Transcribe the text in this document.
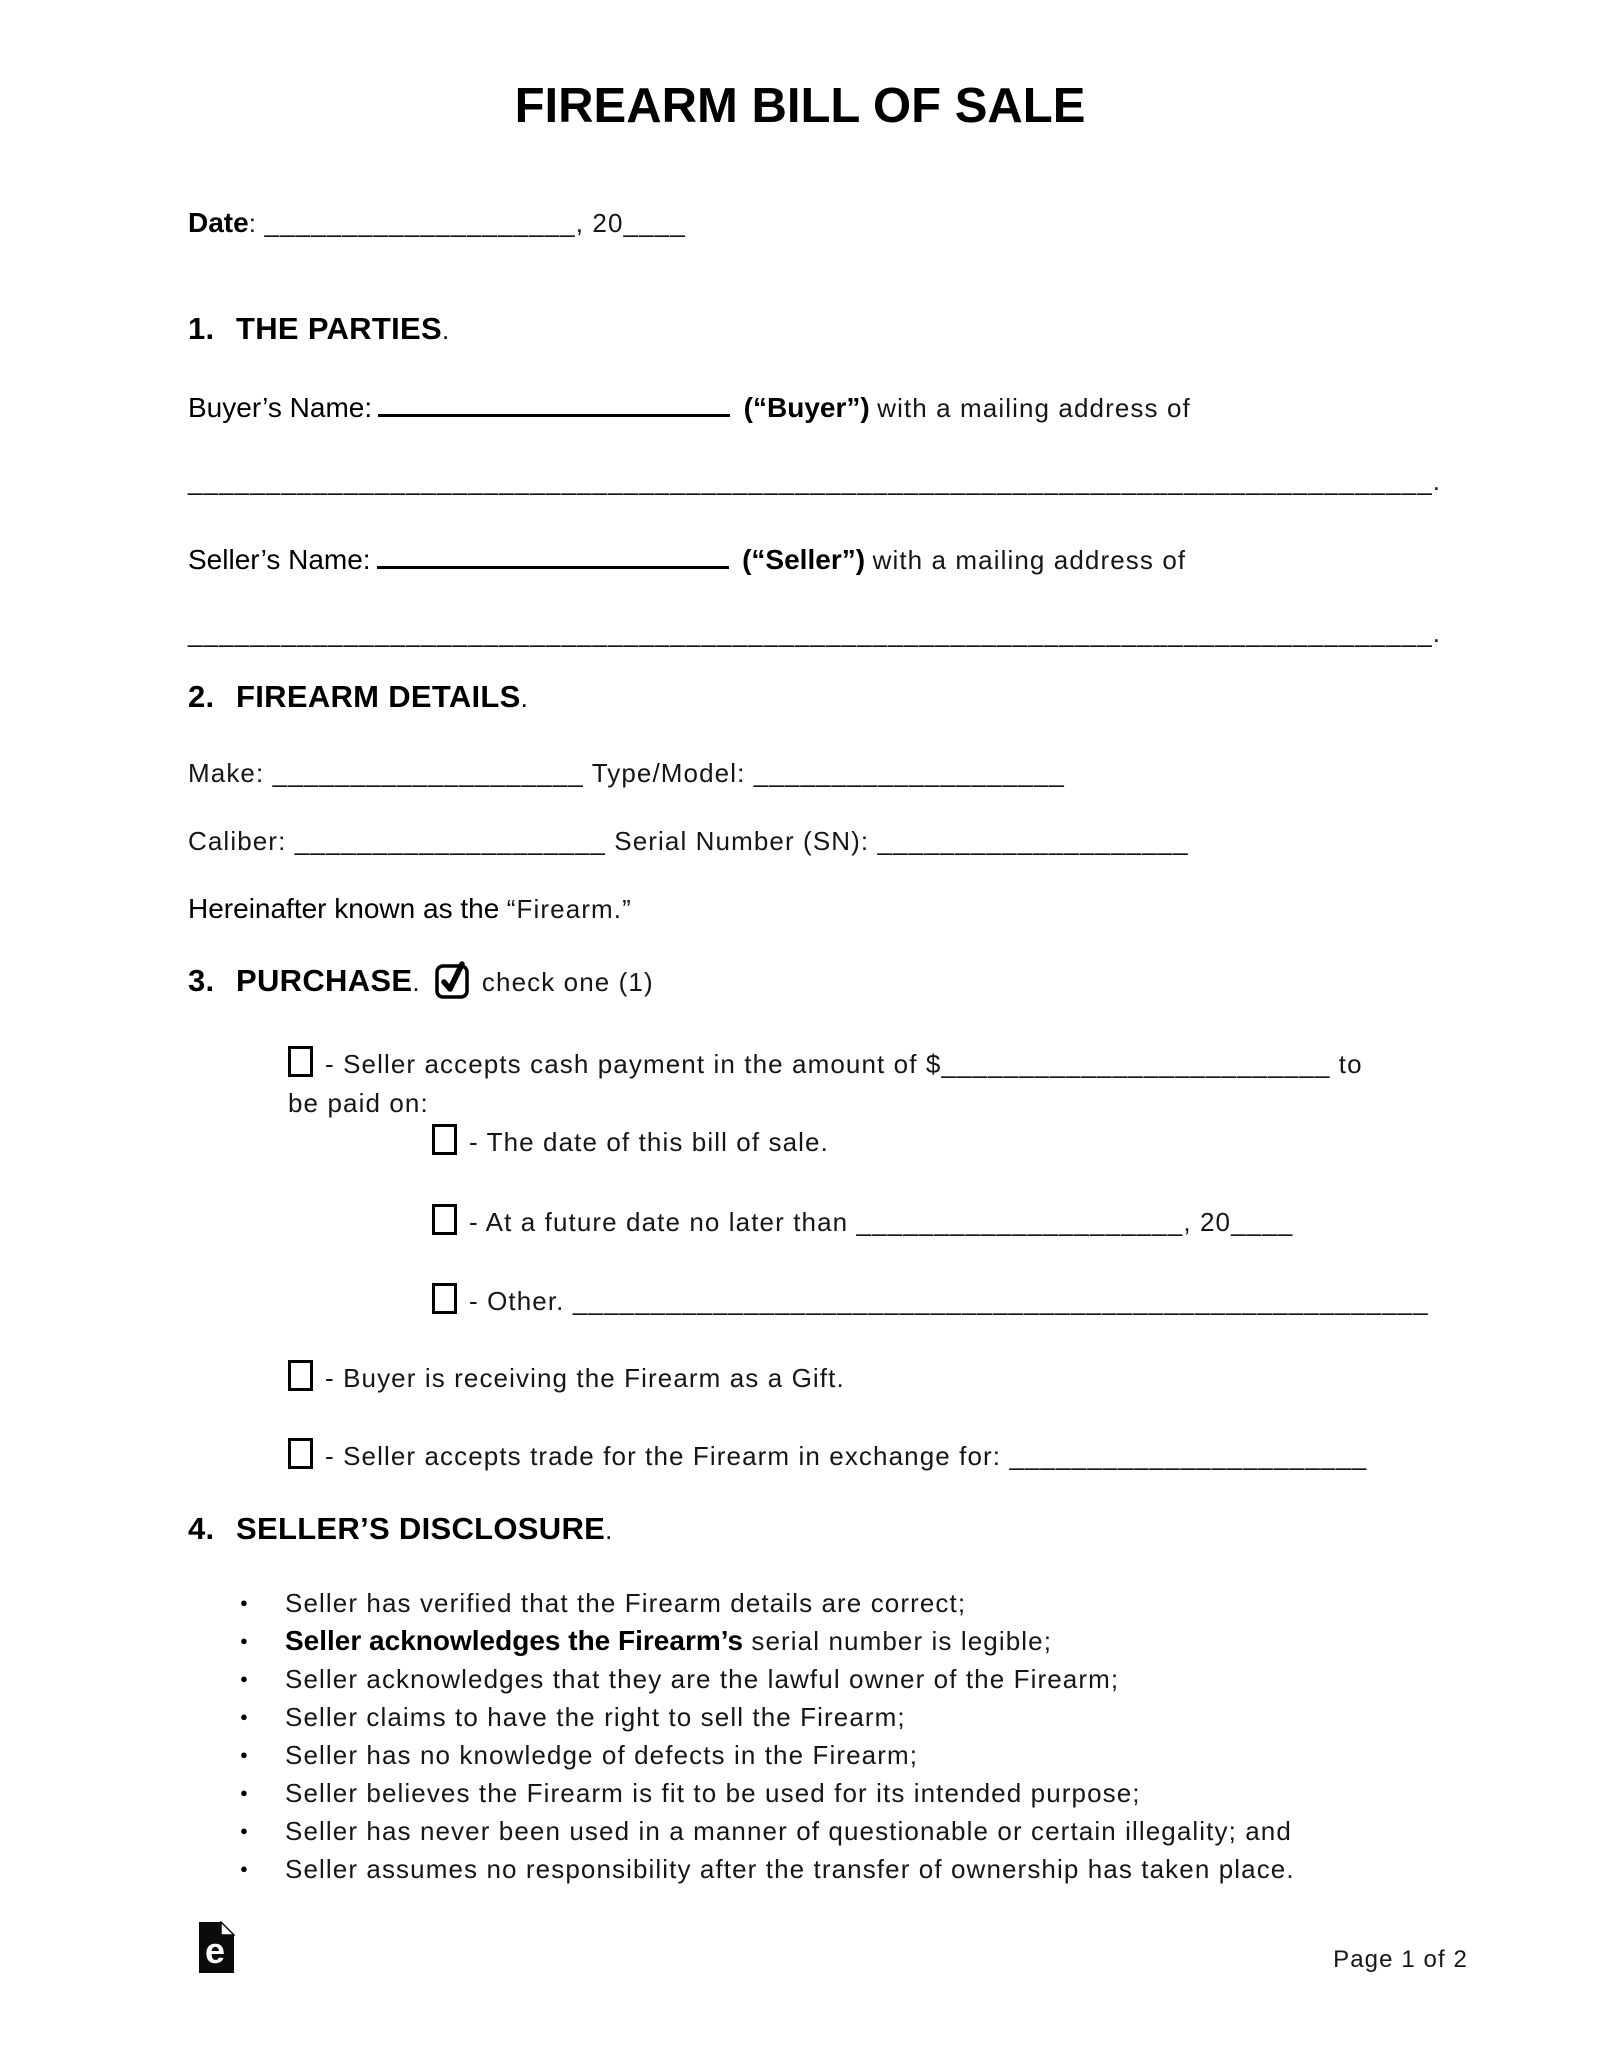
FIREARM BILL OF SALE
Date: ____________________, 20____
1. THE PARTIES.
Buyer’s Name:	(“Buyer”) with a mailing address of
________________________________________________________________________________.
Seller’s Name:	(“Seller”) with a mailing address of
________________________________________________________________________________.
2. FIREARM DETAILS.
Make: ____________________ Type/Model: ____________________
Caliber: ____________________ Serial Number (SN): ____________________
Hereinafter known as the “Firearm.”
3. PURCHASE. check one (1)
- Seller accepts cash payment in the amount of $_________________________ to
be paid on:
- The date of this bill of sale.
- At a future date no later than _____________________, 20____
- Other. _______________________________________________________
- Buyer is receiving the Firearm as a Gift.
- Seller accepts trade for the Firearm in exchange for: _______________________
4. SELLER’S DISCLOSURE.
● Seller has verified that the Firearm details are correct;
● Seller acknowledges the Firearm’s serial number is legible;
● Seller acknowledges that they are the lawful owner of the Firearm;
● Seller claims to have the right to sell the Firearm;
● Seller has no knowledge of defects in the Firearm;
● Seller believes the Firearm is fit to be used for its intended purpose;
● Seller has never been used in a manner of questionable or certain illegality; and
● Seller assumes no responsibility after the transfer of ownership has taken place.
e	Page 1 of 2
